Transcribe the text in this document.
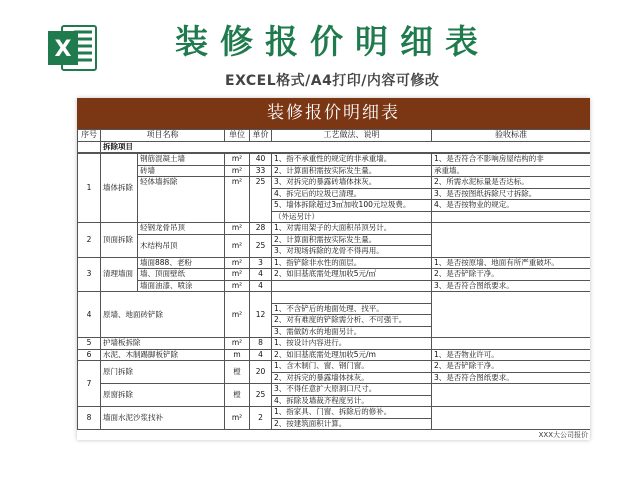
X	装修报价明细表
EXCEL格式/A4打印/内容可修改
装修报价明细表
序号	项目名称	单位	单价	工艺做法、说明	验收标准
	拆除项目				
1	墙体拆除	钢筋混凝土墙	m²	40	1、指不承重性的规定的非承重墙。	1、是否符合不影响房屋结构的非
		砖墙	m²	33	2、计算面积需按实际发生量。	承重墙。
		轻体墙拆除	m²	25	3、对拆完的暴露砖墙体抹灰。	2、所需水泥标量是否达标。
					4、拆完后的垃圾已清理。	3、是否按图纸拆除尺寸拆除。
					5、墙体拆除超过3㎡加收100元垃圾费。	4、是否按物业的规定。
					（外运另计）	
2	顶面拆除	轻钢龙骨吊顶	m²	28	1、对需用架子的大面积吊顶另计。	
		木结构吊顶	m²	25	2、计算面积需按实际发生量。	
					3、对现场拆除的龙骨不得再用。	
3	清理墙面	墙面888、老粉	m²	3	1、指铲除非水性的面层。	1、是否按原墙、地面有所严重破坏。
		墙、顶面壁纸	m²	4	2、如旧基底需处理加收5元/㎡	2、是否铲除干净。
		墙面油漆、喷涂	m²	4		3、是否符合图纸要求。
4	原墙、地面砖铲除		m²	12		
					1、不含铲后的地面处理、找平。	
					2、对有难度的铲除需分析、不可强干。	
					3、需做防水的地面另计。	
5	护墙板拆除		m²	8	1、按设计内容进行。	
6	水泥、木制踢脚板铲除		m	4	2、如旧基底需处理加收5元/m	1、是否物业许可。
7	原门拆除		樘	20	1、含木制门、窗、钢门窗。	2、是否铲除干净。
					2、对拆完的暴露墙体抹灰。	3、是否符合图纸要求。
	原窗拆除		樘	25	3、不得任意扩大原洞口尺寸。	
					4、拆除及墙裁齐程度另计。	
8	墙面水泥沙浆找补		m²	2	1、指家具、门窗、拆除后的修补。	
					2、按建筑面积计算。	
XXX大公司报价
